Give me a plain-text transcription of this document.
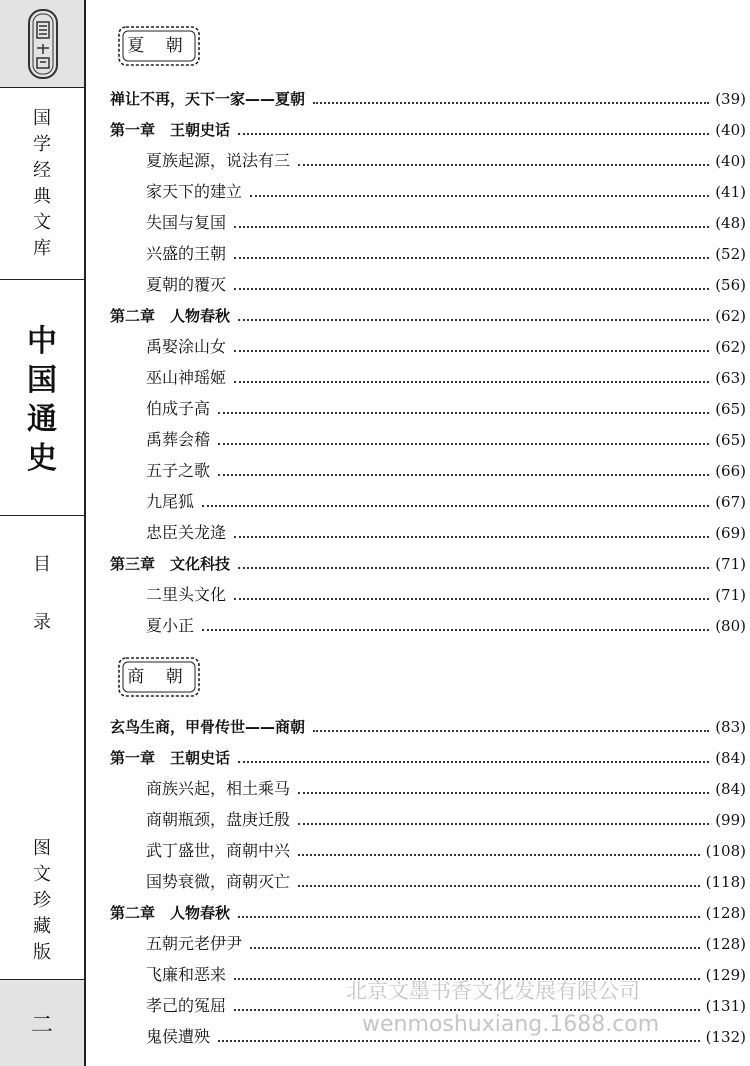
国
学
经
典
文
库
中
国
通
史
目
录
图
文
珍
藏
版
二
夏 朝
禅让不再，天下一家——夏朝	(39)
第一章　王朝史话	(40)
夏族起源，说法有三	(40)
家天下的建立	(41)
失国与复国	(48)
兴盛的王朝	(52)
夏朝的覆灭	(56)
第二章　人物春秋	(62)
禹娶涂山女	(62)
巫山神瑶姬	(63)
伯成子高	(65)
禹葬会稽	(65)
五子之歌	(66)
九尾狐	(67)
忠臣关龙逄	(69)
第三章　文化科技	(71)
二里头文化	(71)
夏小正	(80)
商 朝
玄鸟生商，甲骨传世——商朝	(83)
第一章　王朝史话	(84)
商族兴起，相土乘马	(84)
商朝瓶颈，盘庚迁殷	(99)
武丁盛世，商朝中兴	(108)
国势衰微，商朝灭亡	(118)
第二章　人物春秋	(128)
五朝元老伊尹	(128)
飞廉和恶来	(129)
孝己的冤屈	(131)
鬼侯遭殃	(132)
北京文墨书香文化发展有限公司
wenmoshuxiang.1688.com
